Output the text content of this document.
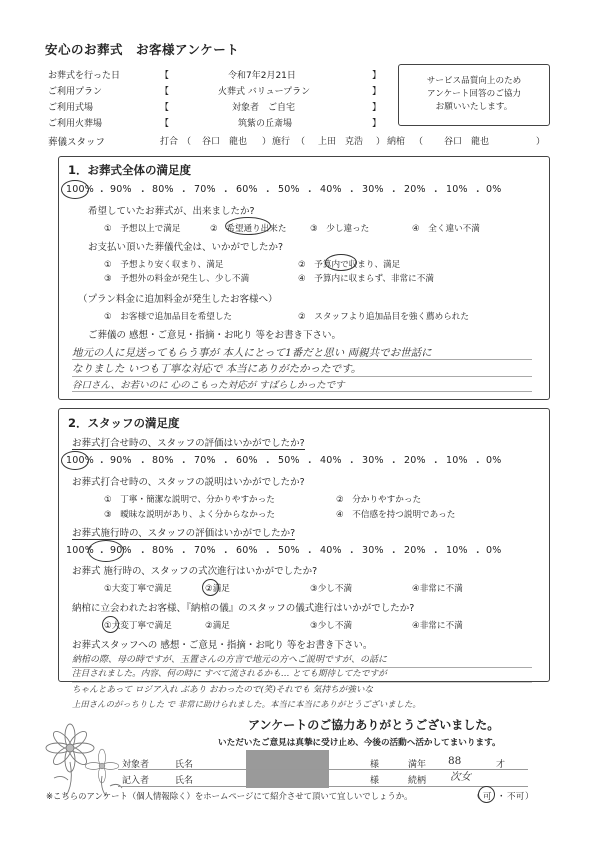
安心のお葬式　お客様アンケート
お葬式を行った日	【	令和7年2月21日	】
ご利用プラン	【	火葬式 バリュープラン	】
ご利用式場	【	対象者　ご自宅	】
ご利用火葬場	【	筑紫の丘斎場	】
葬儀スタッフ	打合 （ 谷口　龍也 ） 施行 （ 上田　克浩 ） 納棺 （ 谷口　龍也	）
サービス品質向上のため
アンケート回答のご協力
お願いいたします。
1．お葬式全体の満足度
100% ・ 90% ・ 80% ・ 70% ・ 60% ・ 50% ・ 40% ・ 30% ・ 20% ・ 10% ・ 0%
希望していたお葬式が、出来ましたか?
①　予想以上で満足	②　希望通り出来た	③　少し違った	④　全く違い不満
お支払い頂いた葬儀代金は、いかがでしたか?
①　予想より安く収まり、満足	②　予算内で収まり、満足
③　予想外の料金が発生し、少し不満	④　予算内に収まらず、非常に不満
（プラン料金に追加料金が発生したお客様へ）
①　お客様で追加品目を希望した	②　スタッフより追加品目を強く薦められた
ご葬儀の 感想・ご意見・指摘・お叱り 等をお書き下さい。
地元の人に見送ってもらう事が 本人にとって1番だと思い 両親共でお世話に
なりました いつも丁寧な対応で 本当にありがたかったです。
谷口さん、お若いのに 心のこもった対応が すばらしかったです
2．スタッフの満足度
お葬式打合せ時の、スタッフの評価はいかがでしたか?
100% ・ 90% ・ 80% ・ 70% ・ 60% ・ 50% ・ 40% ・ 30% ・ 20% ・ 10% ・ 0%
お葬式打合せ時の、スタッフの説明はいかがでしたか?
①　丁寧・簡潔な説明で、分かりやすかった	②　分かりやすかった
③　曖昧な説明があり、よく分からなかった	④　不信感を持つ説明であった
お葬式施行時の、スタッフの評価はいかがでしたか?
100% ・ 90% ・ 80% ・ 70% ・ 60% ・ 50% ・ 40% ・ 30% ・ 20% ・ 10% ・ 0%
お葬式 施行時の、スタッフの式次進行はいかがでしたか?
①大変丁寧で満足	②満足	③少し不満	④非常に不満
納棺に立会われたお客様、『納棺の儀』のスタッフの儀式進行はいかがでしたか?
①大変丁寧で満足	②満足	③少し不満	④非常に不満
お葬式スタッフへの 感想・ご意見・指摘・お叱り 等をお書き下さい。
納棺の際、母の時ですが、玉置さんの方言で地元の方へご説明ですが、の話に
注目されました。内容、何の時に すべて流されるかも… とても期待してたですが
ちゃんとあって ロジア入れ ぶあり おわったので(笑)それでも 気持ちが強いな
上田さんのがっちりした で 非常に助けられました。本当に本当にありがとうございました。
アンケートのご協力ありがとうございました。
いただいたご意見は真摯に受け止め、今後の活動へ活かしてまいります。
対象者	氏名	様	満年 88	才
記入者	氏名	様	続柄 次女
※こちらのアンケート（個人情報除く）をホームページにて紹介させて頂いて宜しいでしょうか。	（ 可 ・ 不可 ）
